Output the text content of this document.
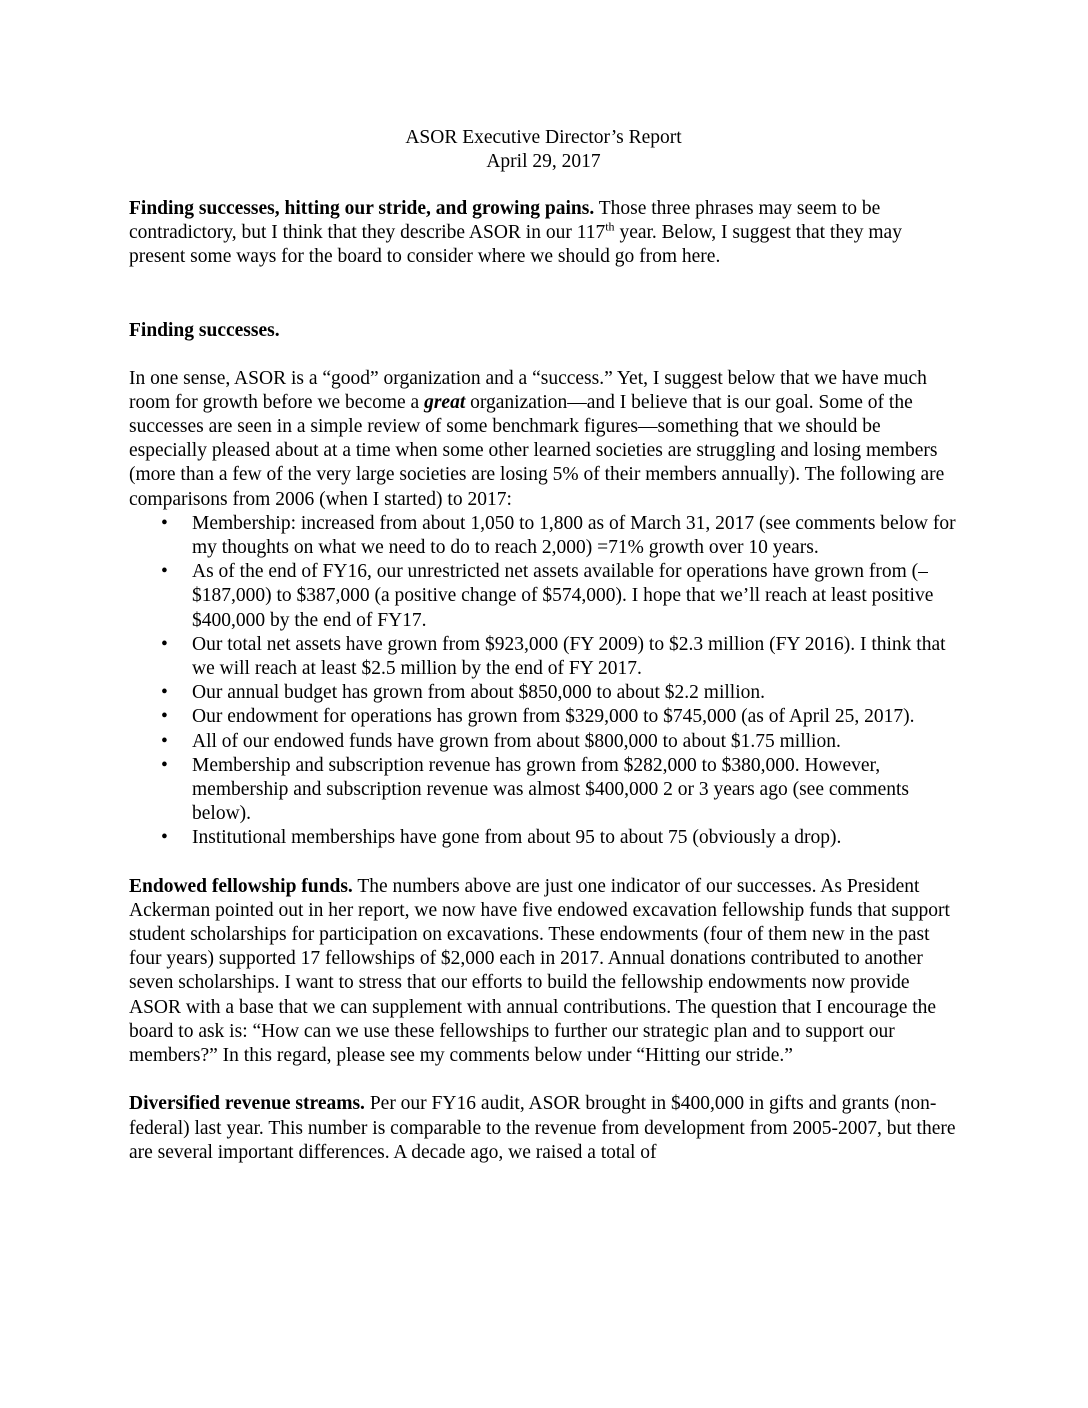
ASOR Executive Director’s Report
April 29, 2017

Finding successes, hitting our stride, and growing pains. Those three phrases may seem to be contradictory, but I think that they describe ASOR in our 117th year. Below, I suggest that they may present some ways for the board to consider where we should go from here.

Finding successes.

In one sense, ASOR is a “good” organization and a “success.” Yet, I suggest below that we have much room for growth before we become a great organization—and I believe that is our goal. Some of the successes are seen in a simple review of some benchmark figures—something that we should be especially pleased about at a time when some other learned societies are struggling and losing members (more than a few of the very large societies are losing 5% of their members annually). The following are comparisons from 2006 (when I started) to 2017:

• Membership: increased from about 1,050 to 1,800 as of March 31, 2017 (see comments below for my thoughts on what we need to do to reach 2,000) =71% growth over 10 years.
• As of the end of FY16, our unrestricted net assets available for operations have grown from (–$187,000) to $387,000 (a positive change of $574,000). I hope that we’ll reach at least positive $400,000 by the end of FY17.
• Our total net assets have grown from $923,000 (FY 2009) to $2.3 million (FY 2016). I think that we will reach at least $2.5 million by the end of FY 2017.
• Our annual budget has grown from about $850,000 to about $2.2 million.
• Our endowment for operations has grown from $329,000 to $745,000 (as of April 25, 2017).
• All of our endowed funds have grown from about $800,000 to about $1.75 million.
• Membership and subscription revenue has grown from $282,000 to $380,000. However, membership and subscription revenue was almost $400,000 2 or 3 years ago (see comments below).
• Institutional memberships have gone from about 95 to about 75 (obviously a drop).

Endowed fellowship funds. The numbers above are just one indicator of our successes. As President Ackerman pointed out in her report, we now have five endowed excavation fellowship funds that support student scholarships for participation on excavations. These endowments (four of them new in the past four years) supported 17 fellowships of $2,000 each in 2017. Annual donations contributed to another seven scholarships. I want to stress that our efforts to build the fellowship endowments now provide ASOR with a base that we can supplement with annual contributions. The question that I encourage the board to ask is: “How can we use these fellowships to further our strategic plan and to support our members?” In this regard, please see my comments below under “Hitting our stride.”

Diversified revenue streams. Per our FY16 audit, ASOR brought in $400,000 in gifts and grants (non-federal) last year. This number is comparable to the revenue from development from 2005-2007, but there are several important differences. A decade ago, we raised a total of
